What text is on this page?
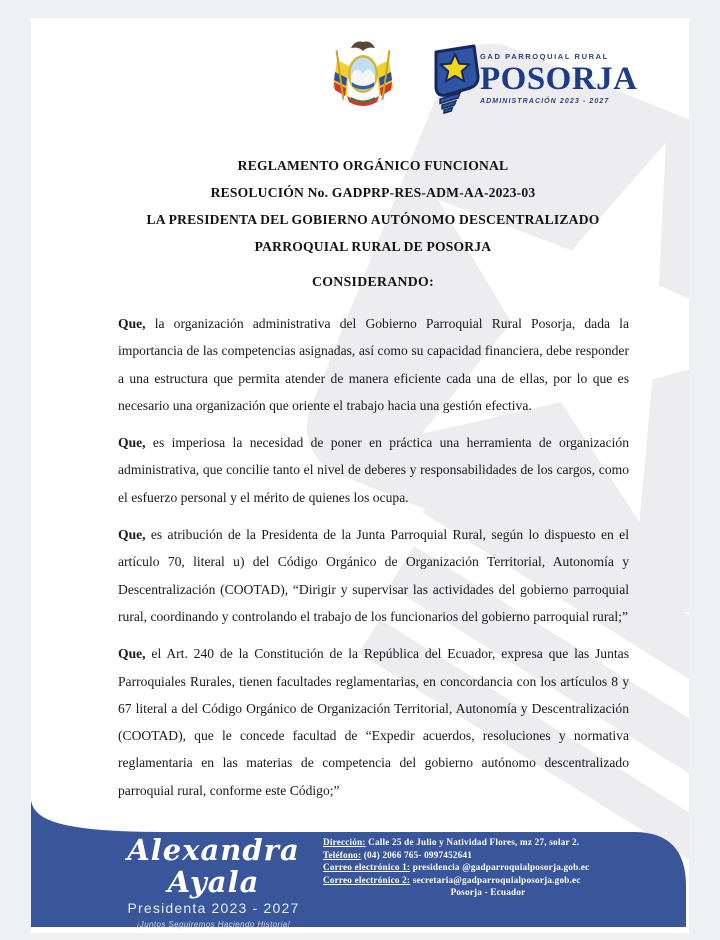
GAD PARROQUIAL RURAL
POSORJA
ADMINISTRACIÓN 2023 - 2027
REGLAMENTO ORGÁNICO FUNCIONAL
RESOLUCIÓN No. GADPRP-RES-ADM-AA-2023-03
LA PRESIDENTA DEL GOBIERNO AUTÓNOMO DESCENTRALIZADO
PARROQUIAL RURAL DE POSORJA
CONSIDERANDO:

Que, la organización administrativa del Gobierno Parroquial Rural Posorja, dada la importancia de las competencias asignadas, así como su capacidad financiera, debe responder a una estructura que permita atender de manera eficiente cada una de ellas, por lo que es necesario una organización que oriente el trabajo hacia una gestión efectiva.

Que, es imperiosa la necesidad de poner en práctica una herramienta de organización administrativa, que concilie tanto el nivel de deberes y responsabilidades de los cargos, como el esfuerzo personal y el mérito de quienes los ocupa.

Que, es atribución de la Presidenta de la Junta Parroquial Rural, según lo dispuesto en el artículo 70, literal u) del Código Orgánico de Organización Territorial, Autonomía y Descentralización (COOTAD), “Dirigir y supervisar las actividades del gobierno parroquial rural, coordinando y controlando el trabajo de los funcionarios del gobierno parroquial rural;”

Que, el Art. 240 de la Constitución de la República del Ecuador, expresa que las Juntas Parroquiales Rurales, tienen facultades reglamentarias, en concordancia con los artículos 8 y 67 literal a del Código Orgánico de Organización Territorial, Autonomía y Descentralización (COOTAD), que le concede facultad de “Expedir acuerdos, resoluciones y normativa reglamentaria en las materias de competencia del gobierno autónomo descentralizado parroquial rural, conforme este Código;”

Alexandra Ayala
Presidenta 2023 - 2027
¡Juntos Seguiremos Haciendo Historia!
Dirección: Calle 25 de Julio y Natividad Flores, mz 27, solar 2.
Teléfono: (04) 2066 765- 0997452641
Correo electrónico 1: presidencia @gadparroquialposorja.gob.ec
Correo electrónico 2: secretaria@gadparroquialposorja.gob.ec
Posorja - Ecuador
